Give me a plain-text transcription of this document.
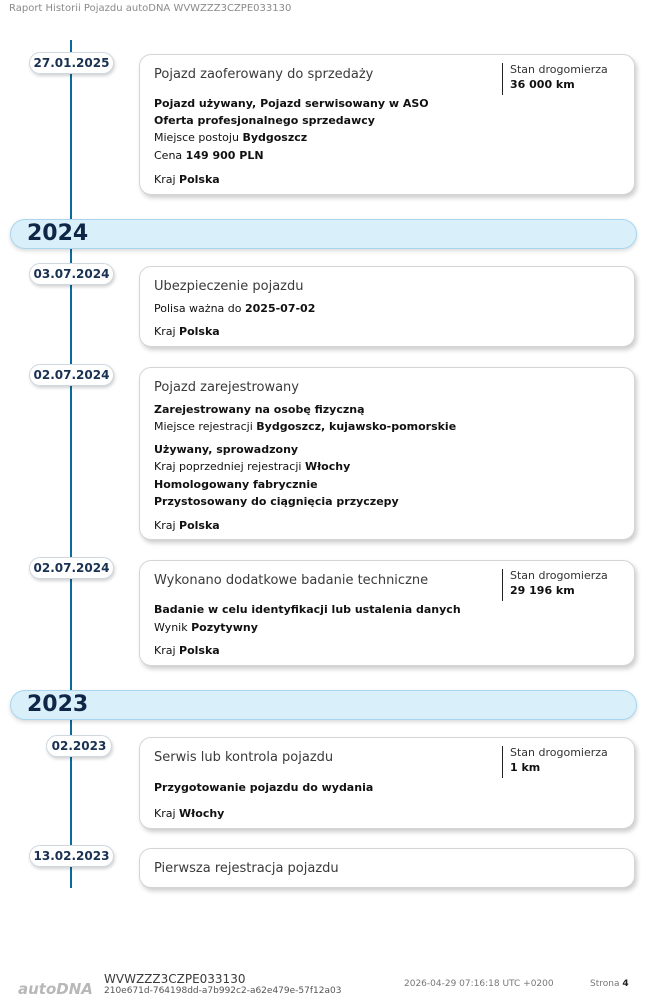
Raport Historii Pojazdu autoDNA WVWZZZ3CZPE033130
27.01.2025
Pojazd zaoferowany do sprzedaży	Stan drogomierza
36 000 km
Pojazd używany, Pojazd serwisowany w ASO
Oferta profesjonalnego sprzedawcy
Miejsce postoju Bydgoszcz
Cena 149 900 PLN
Kraj Polska
2024
03.07.2024
Ubezpieczenie pojazdu
Polisa ważna do 2025-07-02
Kraj Polska
02.07.2024
Pojazd zarejestrowany
Zarejestrowany na osobę fizyczną
Miejsce rejestracji Bydgoszcz, kujawsko-pomorskie
Używany, sprowadzony
Kraj poprzedniej rejestracji Włochy
Homologowany fabrycznie
Przystosowany do ciągnięcia przyczepy
Kraj Polska
02.07.2024
Wykonano dodatkowe badanie techniczne	Stan drogomierza
29 196 km
Badanie w celu identyfikacji lub ustalenia danych
Wynik Pozytywny
Kraj Polska
2023
02.2023
Serwis lub kontrola pojazdu	Stan drogomierza
1 km
Przygotowanie pojazdu do wydania
Kraj Włochy
13.02.2023
Pierwsza rejestracja pojazdu
autoDNA
WVWZZZ3CZPE033130
210e671d-764198dd-a7b992c2-a62e479e-57f12a03
2026-04-29 07:16:18 UTC +0200	Strona 4
